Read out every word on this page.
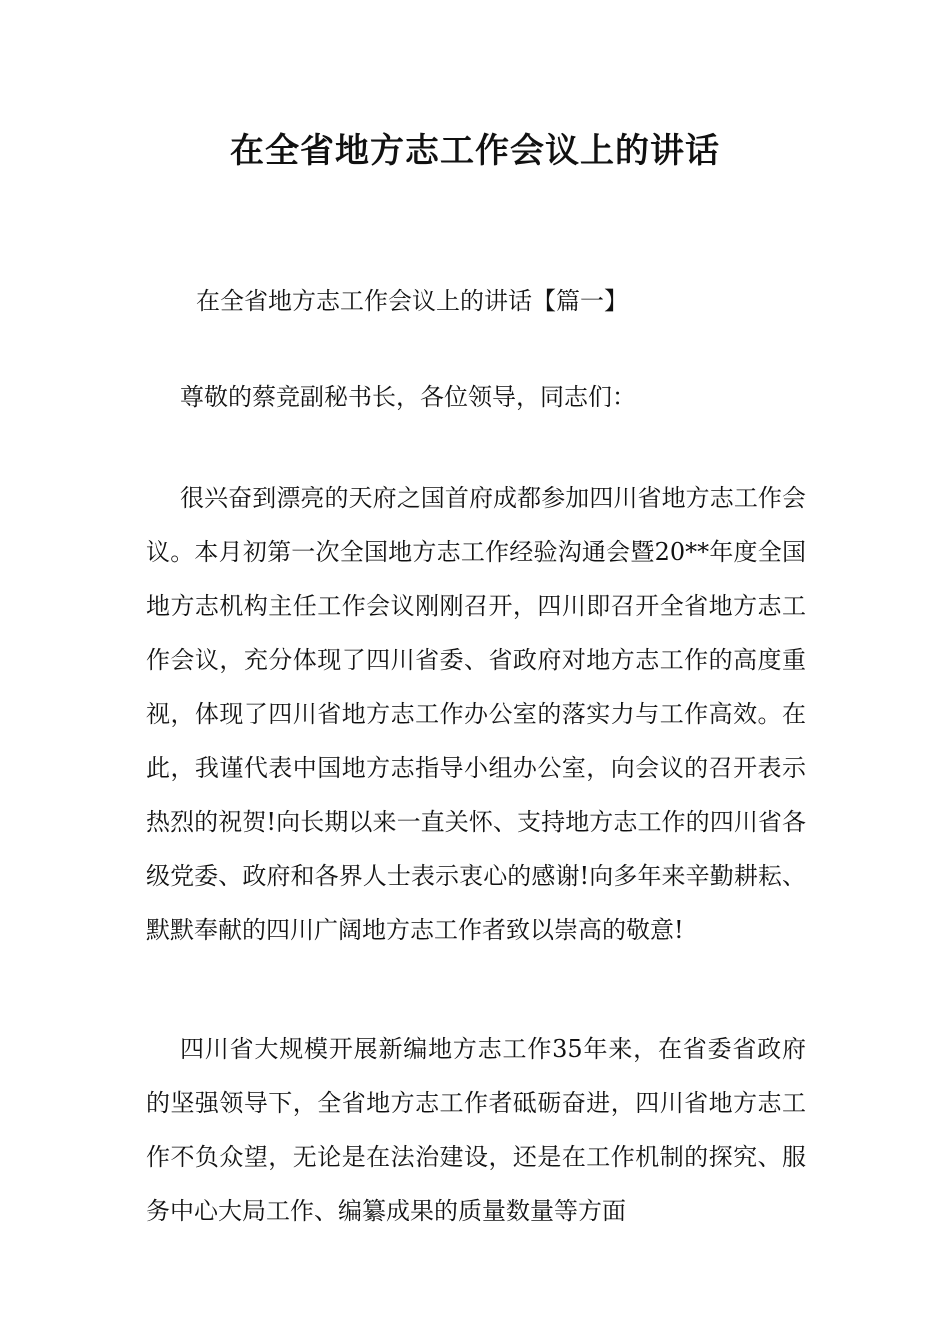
在全省地方志工作会议上的讲话

在全省地方志工作会议上的讲话【篇一】

尊敬的蔡竞副秘书长，各位领导，同志们：

很兴奋到漂亮的天府之国首府成都参加四川省地方志工作会议。本月初第一次全国地方志工作经验沟通会暨20**年度全国地方志机构主任工作会议刚刚召开，四川即召开全省地方志工作会议，充分体现了四川省委、省政府对地方志工作的高度重视，体现了四川省地方志工作办公室的落实力与工作高效。在此，我谨代表中国地方志指导小组办公室，向会议的召开表示热烈的祝贺!向长期以来一直关怀、支持地方志工作的四川省各级党委、政府和各界人士表示衷心的感谢!向多年来辛勤耕耘、默默奉献的四川广阔地方志工作者致以崇高的敬意!

四川省大规模开展新编地方志工作35年来，在省委省政府的坚强领导下，全省地方志工作者砥砺奋进，四川省地方志工作不负众望，无论是在法治建设，还是在工作机制的探究、服务中心大局工作、编纂成果的质量数量等方面
